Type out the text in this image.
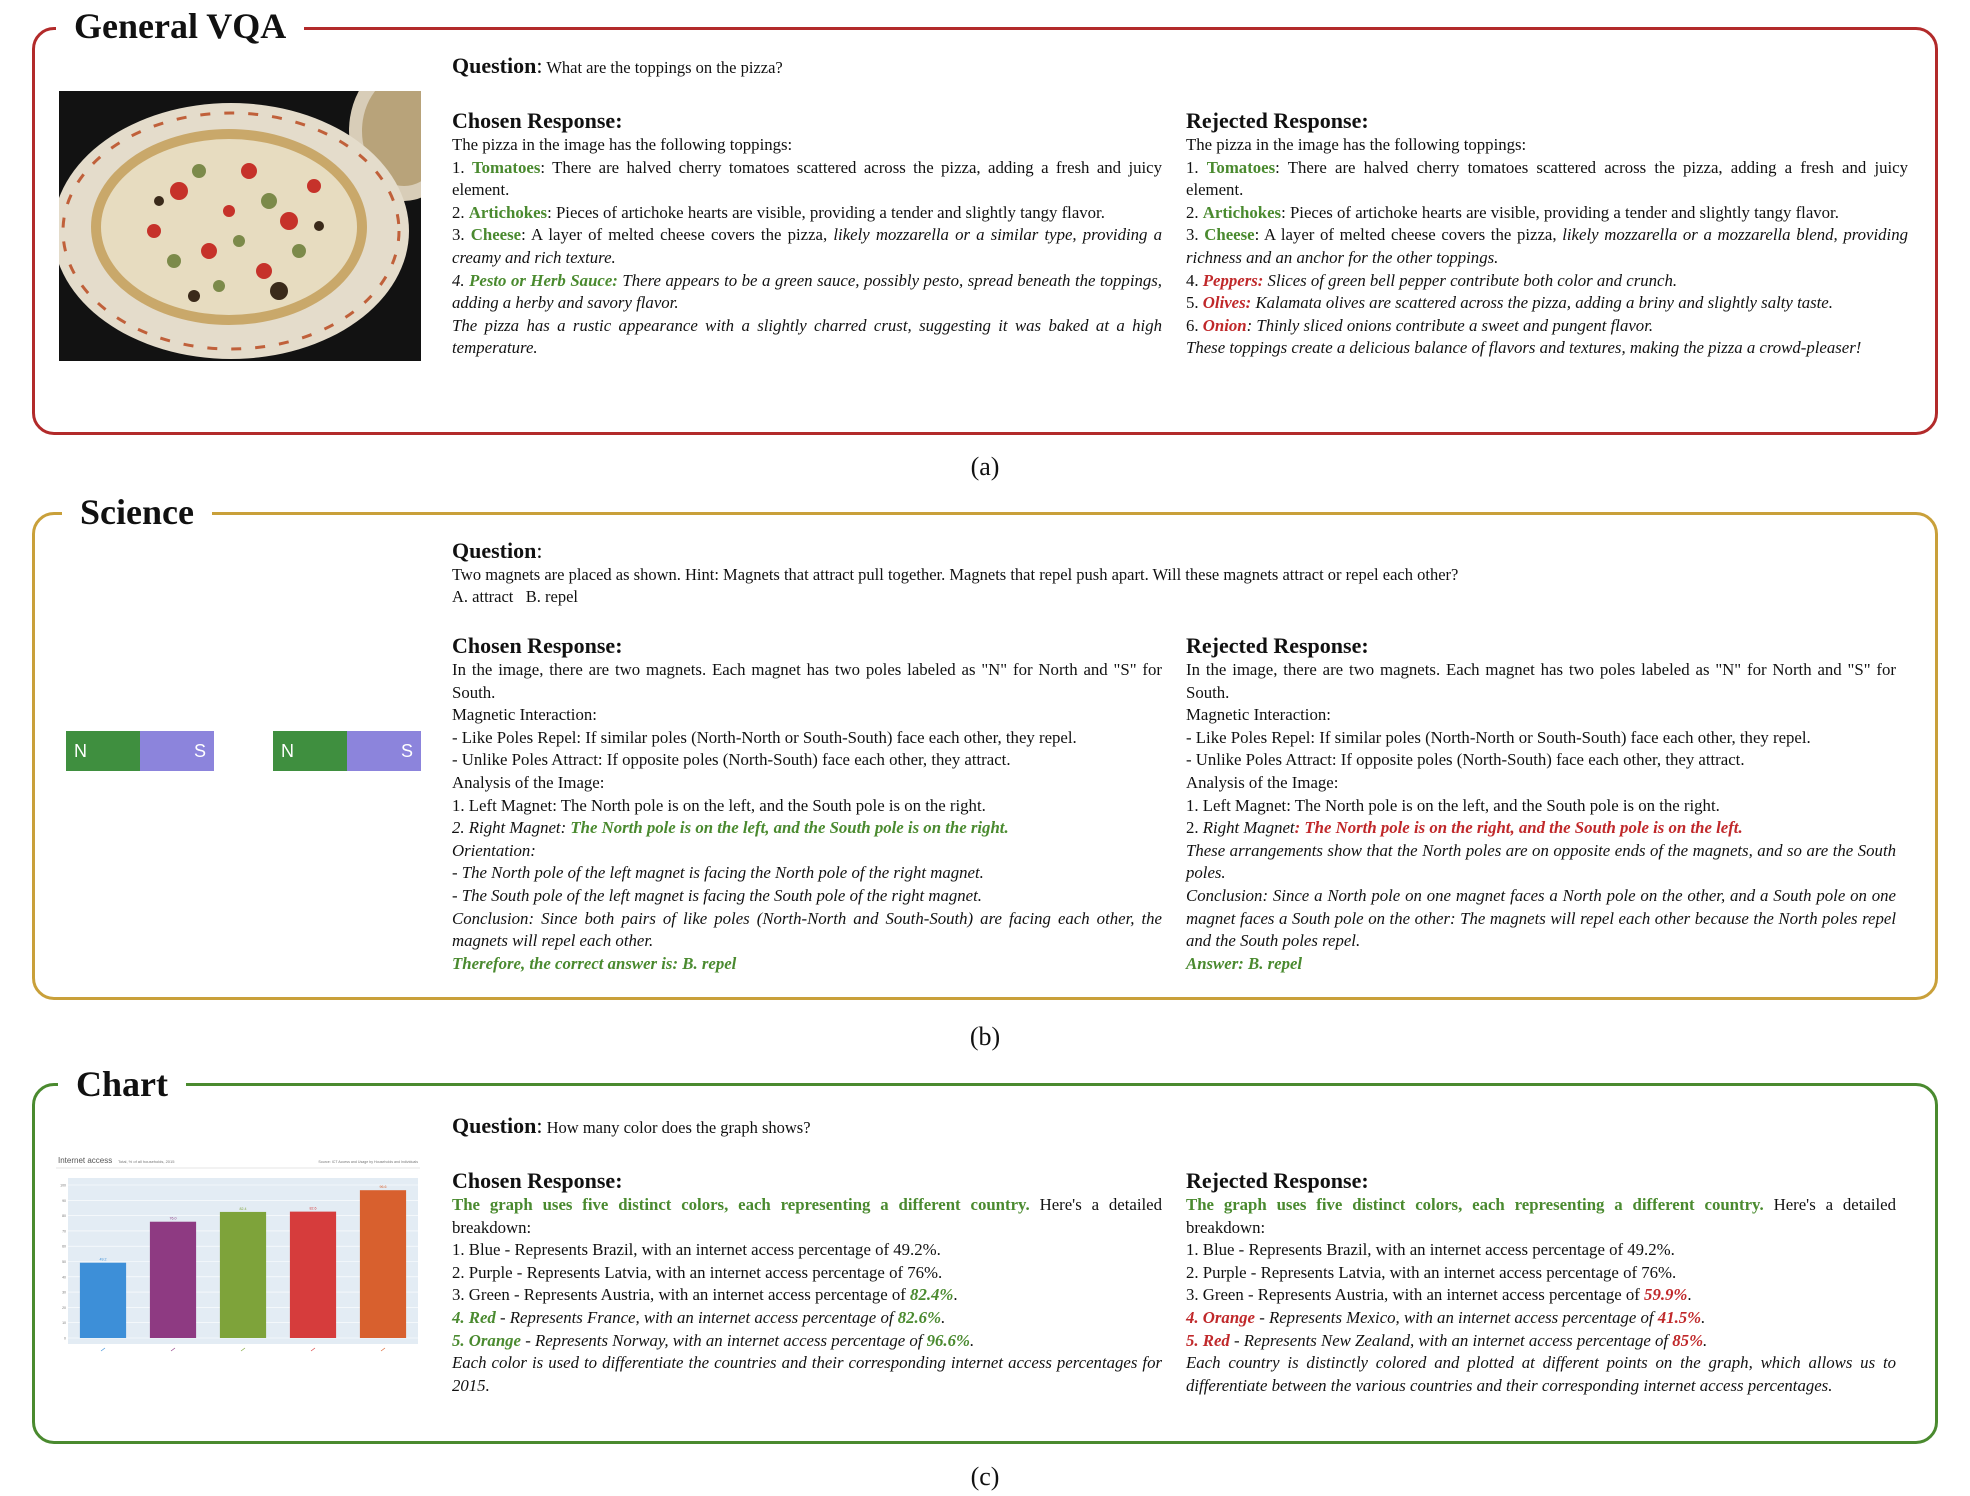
General VQA
Question: What are the toppings on the pizza?
Chosen Response:

The pizza in the image has the following toppings:

1. Tomatoes: There are halved cherry tomatoes scattered across the pizza, adding a fresh and juicy element.

2. Artichokes: Pieces of artichoke hearts are visible, providing a tender and slightly tangy flavor.

3. Cheese: A layer of melted cheese covers the pizza, likely mozzarella or a similar type, providing a creamy and rich texture.

4. Pesto or Herb Sauce: There appears to be a green sauce, possibly pesto, spread beneath the toppings, adding a herby and savory flavor.

The pizza has a rustic appearance with a slightly charred crust, suggesting it was baked at a high temperature.

Rejected Response:

The pizza in the image has the following toppings:

1. Tomatoes: There are halved cherry tomatoes scattered across the pizza, adding a fresh and juicy element.

2. Artichokes: Pieces of artichoke hearts are visible, providing a tender and slightly tangy flavor.

3. Cheese: A layer of melted cheese covers the pizza, likely mozzarella or a mozzarella blend, providing richness and an anchor for the other toppings.

4. Peppers: Slices of green bell pepper contribute both color and crunch.

5. Olives: Kalamata olives are scattered across the pizza, adding a briny and slightly salty taste.

6. Onion: Thinly sliced onions contribute a sweet and pungent flavor.

These toppings create a delicious balance of flavors and textures, making the pizza a crowd-pleaser!

(a)
Science
N	S	N	S
Question:
Two magnets are placed as shown. Hint: Magnets that attract pull together. Magnets that repel push apart. Will these magnets attract or repel each other?
A. attract B. repel
Chosen Response:

In the image, there are two magnets. Each magnet has two poles labeled as "N" for North and "S" for South.

Magnetic Interaction:

- Like Poles Repel: If similar poles (North-North or South-South) face each other, they repel.

- Unlike Poles Attract: If opposite poles (North-South) face each other, they attract.

Analysis of the Image:

1. Left Magnet: The North pole is on the left, and the South pole is on the right.

2. Right Magnet: The North pole is on the left, and the South pole is on the right.

Orientation:

- The North pole of the left magnet is facing the North pole of the right magnet.

- The South pole of the left magnet is facing the South pole of the right magnet.

Conclusion: Since both pairs of like poles (North-North and South-South) are facing each other, the magnets will repel each other.

Therefore, the correct answer is: B. repel

Rejected Response:

In the image, there are two magnets. Each magnet has two poles labeled as "N" for North and "S" for South.

Magnetic Interaction:

- Like Poles Repel: If similar poles (North-North or South-South) face each other, they repel.

- Unlike Poles Attract: If opposite poles (North-South) face each other, they attract.

Analysis of the Image:

1. Left Magnet: The North pole is on the left, and the South pole is on the right.

2. Right Magnet: The North pole is on the right, and the South pole is on the left.

These arrangements show that the North poles are on opposite ends of the magnets, and so are the South poles.

Conclusion: Since a North pole on one magnet faces a North pole on the other, and a South pole on one magnet faces a South pole on the other: The magnets will repel each other because the North poles repel and the South poles repel.

Answer: B. repel

(b)
Chart
Internet access Total, % of all households, 2015	Source: ICT Access and Usage by Households and Individuals
0
10
20
30
40
50
60
70
80
90
100
49.2
76.0
82.4	82.6
96.6
Question: How many color does the graph shows?
Chosen Response:

The graph uses five distinct colors, each representing a different country. Here's a detailed breakdown:

1. Blue - Represents Brazil, with an internet access percentage of 49.2%.

2. Purple - Represents Latvia, with an internet access percentage of 76%.

3. Green - Represents Austria, with an internet access percentage of 82.4%.

4. Red - Represents France, with an internet access percentage of 82.6%.

5. Orange - Represents Norway, with an internet access percentage of 96.6%.

Each color is used to differentiate the countries and their corresponding internet access percentages for 2015.

Rejected Response:

The graph uses five distinct colors, each representing a different country. Here's a detailed breakdown:

1. Blue - Represents Brazil, with an internet access percentage of 49.2%.

2. Purple - Represents Latvia, with an internet access percentage of 76%.

3. Green - Represents Austria, with an internet access percentage of 59.9%.

4. Orange - Represents Mexico, with an internet access percentage of 41.5%.

5. Red - Represents New Zealand, with an internet access percentage of 85%.

Each country is distinctly colored and plotted at different points on the graph, which allows us to differentiate between the various countries and their corresponding internet access percentages.

(c)
